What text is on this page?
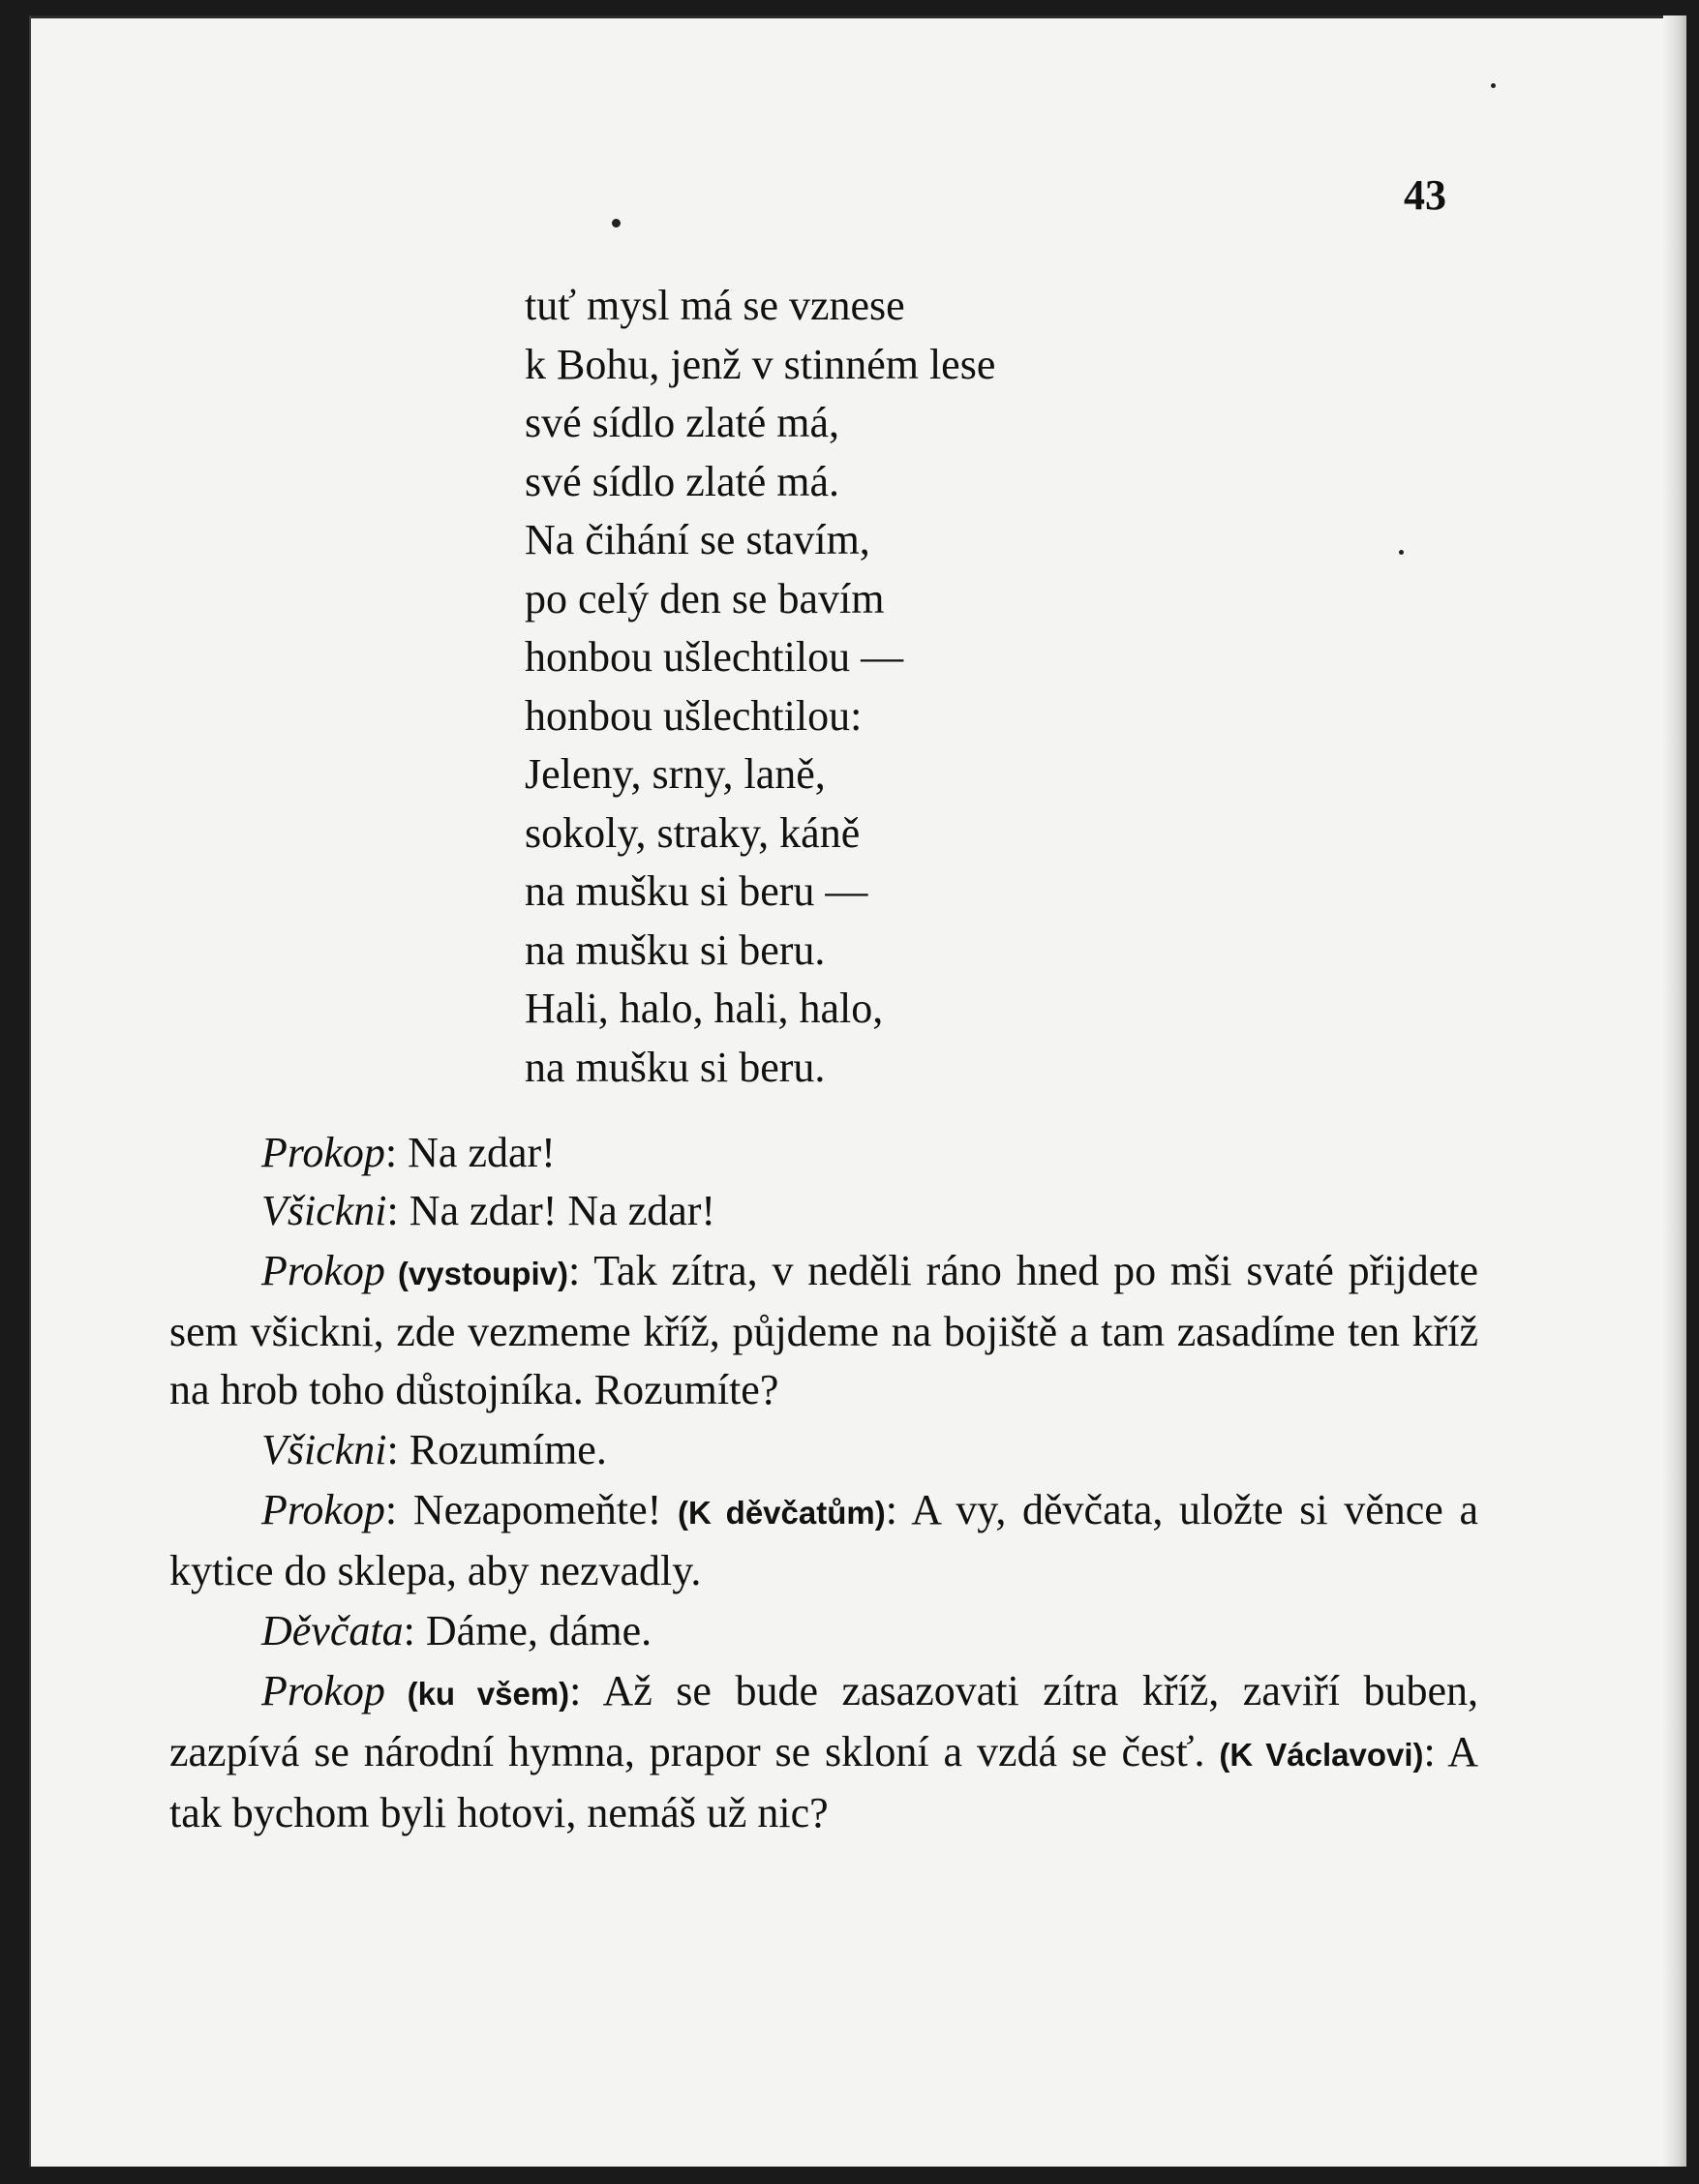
43
tuť mysl má se vznese
k Bohu, jenž v stinném lese
své sídlo zlaté má,
své sídlo zlaté má.
Na čihání se stavím,
po celý den se bavím
honbou ušlechtilou —
honbou ušlechtilou:
Jeleny, srny, laně,
sokoly, straky, káně
na mušku si beru —
na mušku si beru.
Hali, halo, hali, halo,
na mušku si beru.

Prokop: Na zdar!

Všickni: Na zdar! Na zdar!

Prokop (vystoupiv): Tak zítra, v neděli ráno hned po mši svaté přijdete sem všickni, zde vezmeme kříž, půjdeme na bojiště a tam zasadíme ten kříž na hrob toho důstojníka. Rozumíte?

Všickni: Rozumíme.

Prokop: Nezapomeňte! (K děvčatům): A vy, děvčata, uložte si věnce a kytice do sklepa, aby nezvadly.

Děvčata: Dáme, dáme.

Prokop (ku všem): Až se bude zasazovati zítra kříž, zaviří buben, zazpívá se národní hymna, prapor se skloní a vzdá se česť. (K Václavovi): A tak bychom byli hotovi, nemáš už nic?
